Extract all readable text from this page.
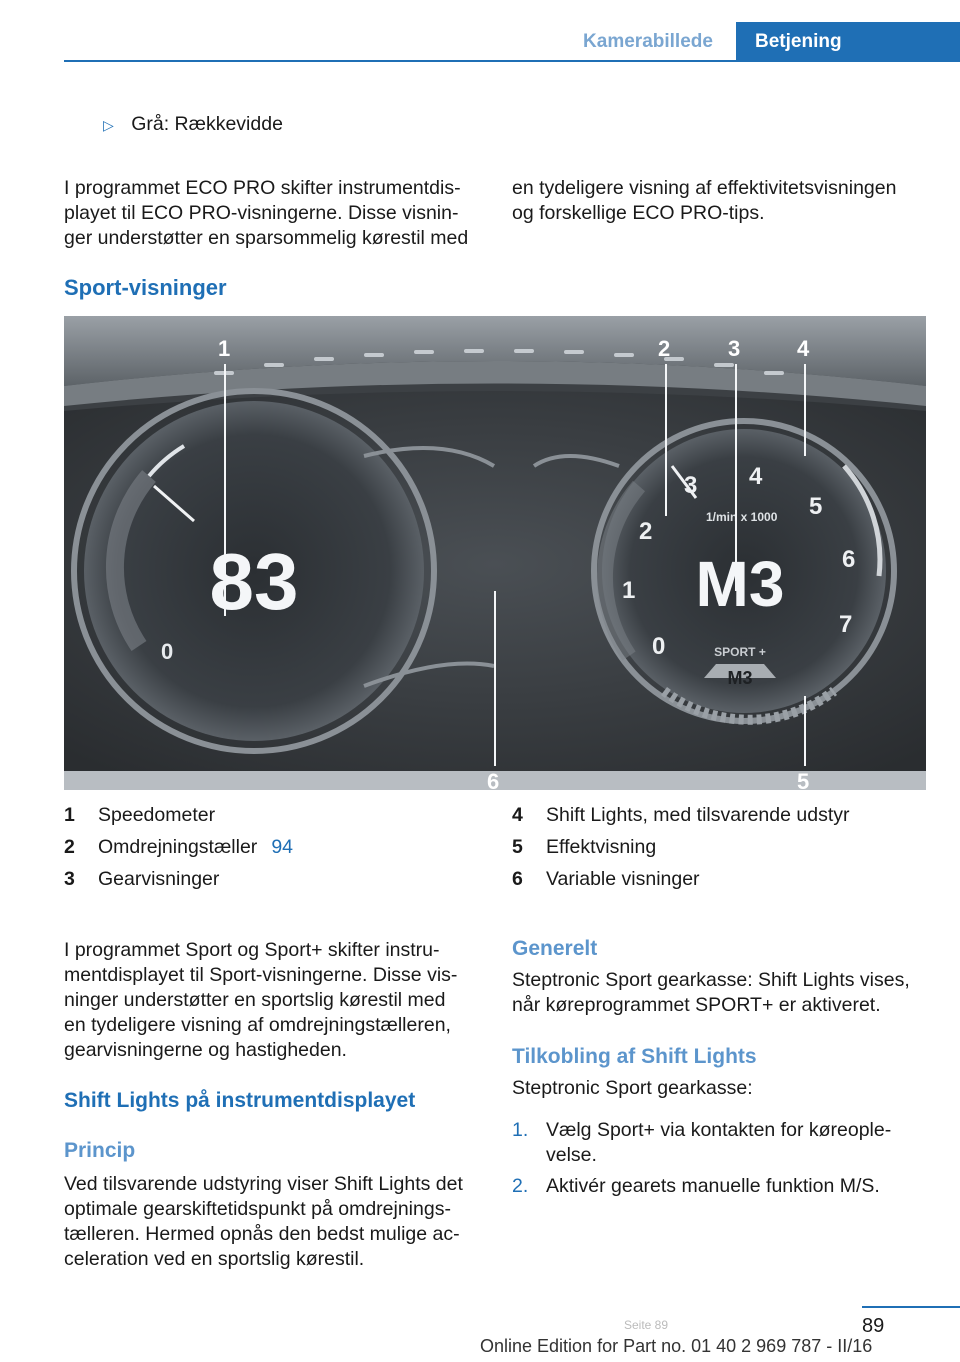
Kamerabillede	Betjening
▷ Grå: Rækkevidde
I programmet ECO PRO skifter instrumentdis-
playet til ECO PRO-visningerne. Disse visnin-
ger understøtter en sparsommelig kørestil med
en tydeligere visning af effektivitetsvisningen
og forskellige ECO PRO-tips.
Sport-visninger
83
0	0
1
2
3 4
5
6
7
1/min x 1000
M3
SPORT +
M3
1	2	3	4
5
6
1 Speedometer
2 Omdrejningstæller 94
3 Gearvisninger
4 Shift Lights, med tilsvarende udstyr
5 Effektvisning
6 Variable visninger
I programmet Sport og Sport+ skifter instru-
mentdisplayet til Sport-visningerne. Disse vis-
ninger understøtter en sportslig kørestil med
en tydeligere visning af omdrejningstælleren,
gearvisningerne og hastigheden.
Shift Lights på instrumentdisplayet
Princip
Ved tilsvarende udstyring viser Shift Lights det
optimale gearskiftetidspunkt på omdrejnings-
tælleren. Hermed opnås den bedst mulige ac-
celeration ved en sportslig kørestil.
Generelt
Steptronic Sport gearkasse: Shift Lights vises,
når køreprogrammet SPORT+ er aktiveret.
Tilkobling af Shift Lights
Steptronic Sport gearkasse:
1. Vælg Sport+ via kontakten for køreople-
velse.
2. Aktivér gearets manuelle funktion M/S.
89
Seite 89
Online Edition for Part no. 01 40 2 969 787 - II/16
